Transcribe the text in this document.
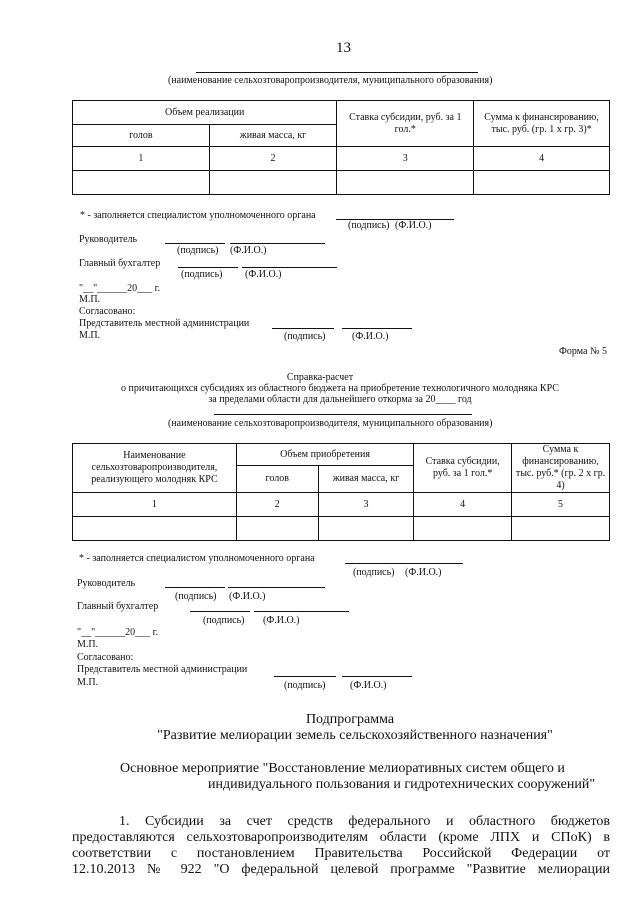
13
(наименование сельхозтоваропроизводителя, муниципального образования)
Объем реализации		Ставка субсидии, руб. за 1 гол.*	Сумма к финансированию, тыс. руб. (гр. 1 х гр. 3)*
голов	живая масса, кг		
1	2	3	4

* - заполняется специалистом уполномоченного органа
(подпись) (Ф.И.О.)
Руководитель
(подпись) (Ф.И.О.)
Главный бухгалтер
(подпись) (Ф.И.О.)
"__"______20___ г.
М.П.
Согласовано:
Представитель местной администрации
М.П.	(подпись)	(Ф.И.О.)
Форма № 5
Справка-расчет
о причитающихся субсидиях из областного бюджета на приобретение технологичного молодняка КРС
за пределами области для дальнейшего откорма за 20____ год
(наименование сельхозтоваропроизводителя, муниципального образования)
Наименование сельхозтоваропроизводителя, реализующего молодняк КРС	Объем приобретения		Ставка субсидии, руб. за 1 гол.*	Сумма к финансированию, тыс. руб.* (гр. 2 х гр. 4)
	голов	живая масса, кг		
1	2	3	4	5

* - заполняется специалистом уполномоченного органа
(подпись) (Ф.И.О.)
Руководитель
(подпись) (Ф.И.О.)
Главный бухгалтер
(подпись) (Ф.И.О.)
"__"______20___ г.
М.П.
Согласовано:
Представитель местной администрации
М.П.	(подпись) (Ф.И.О.)
Подпрограмма
"Развитие мелиорации земель сельскохозяйственного назначения"
Основное мероприятие "Восстановление мелиоративных систем общего и
индивидуального пользования и гидротехнических сооружений"
1. Субсидии за счет средств федерального и областного бюджетов
предоставляются сельхозтоваропроизводителям области (кроме ЛПХ и СПоК) в
соответствии с постановлением Правительства Российской Федерации от
12.10.2013 № 922 "О федеральной целевой программе "Развитие мелиорации
